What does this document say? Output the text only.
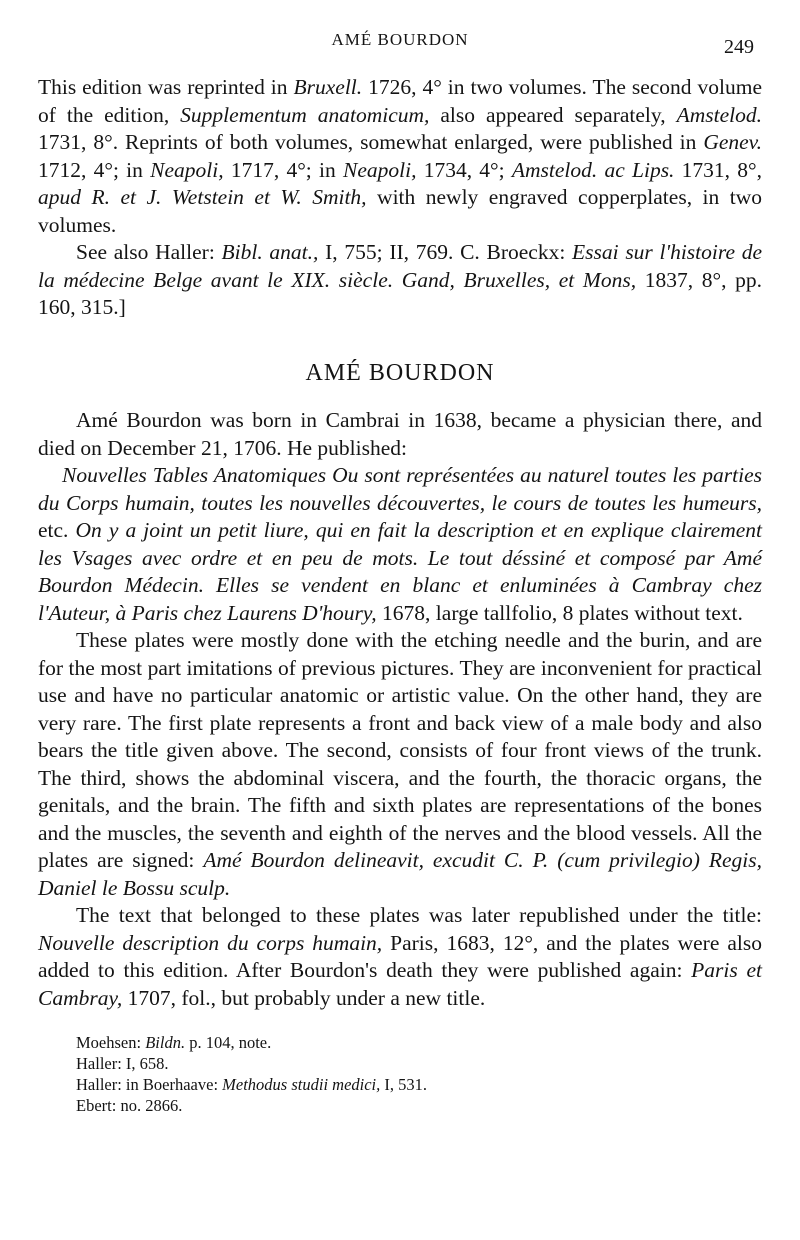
AMÉ BOURDON	249

This edition was reprinted in Bruxell. 1726, 4° in two volumes. The second volume of the edition, Supplementum anatomicum, also appeared separately, Amstelod. 1731, 8°. Reprints of both volumes, somewhat enlarged, were published in Genev. 1712, 4°; in Neapoli, 1717, 4°; in Neapoli, 1734, 4°; Amstelod. ac Lips. 1731, 8°, apud R. et J. Wetstein et W. Smith, with newly engraved copperplates, in two volumes.

See also Haller: Bibl. anat., I, 755; II, 769. C. Broeckx: Essai sur l'histoire de la médecine Belge avant le XIX. siècle. Gand, Bruxelles, et Mons, 1837, 8°, pp. 160, 315.]

AMÉ BOURDON

Amé Bourdon was born in Cambrai in 1638, became a physician there, and died on December 21, 1706. He published:

Nouvelles Tables Anatomiques Ou sont représentées au naturel toutes les parties du Corps humain, toutes les nouvelles découvertes, le cours de toutes les humeurs, etc. On y a joint un petit liure, qui en fait la description et en explique clairement les Vsages avec ordre et en peu de mots. Le tout déssiné et composé par Amé Bourdon Médecin. Elles se vendent en blanc et enluminées à Cambray chez l'Auteur, à Paris chez Laurens D'houry, 1678, large tallfolio, 8 plates without text.

These plates were mostly done with the etching needle and the burin, and are for the most part imitations of previous pictures. They are inconvenient for practical use and have no particular anatomic or artistic value. On the other hand, they are very rare. The first plate represents a front and back view of a male body and also bears the title given above. The second, consists of four front views of the trunk. The third, shows the abdominal viscera, and the fourth, the thoracic organs, the genitals, and the brain. The fifth and sixth plates are representations of the bones and the muscles, the seventh and eighth of the nerves and the blood vessels. All the plates are signed: Amé Bourdon delineavit, excudit C. P. (cum privilegio) Regis, Daniel le Bossu sculp.

The text that belonged to these plates was later republished under the title: Nouvelle description du corps humain, Paris, 1683, 12°, and the plates were also added to this edition. After Bourdon's death they were published again: Paris et Cambray, 1707, fol., but probably under a new title.

Moehsen: Bildn. p. 104, note.
Haller: I, 658.
Haller: in Boerhaave: Methodus studii medici, I, 531.
Ebert: no. 2866.
